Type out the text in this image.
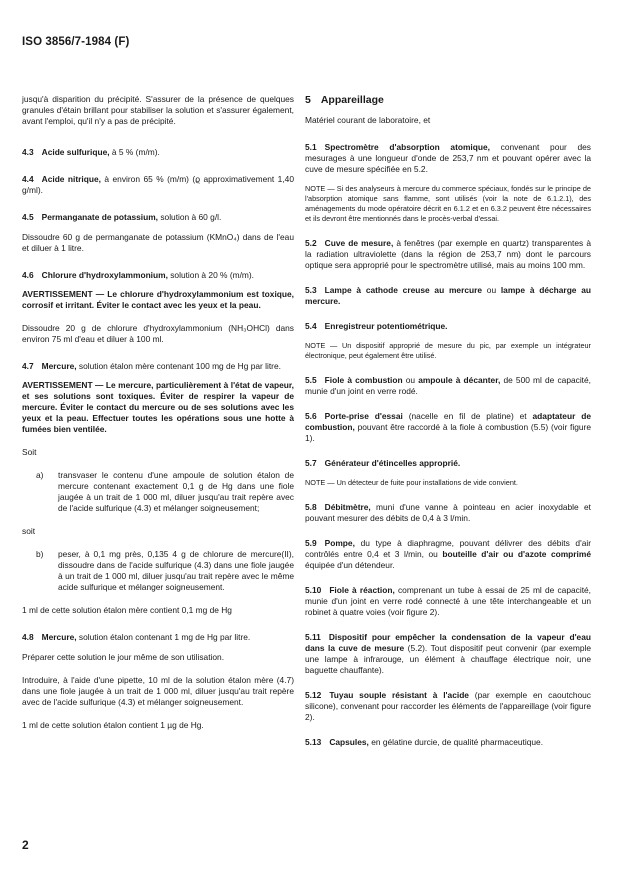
ISO 3856/7-1984 (F)

jusqu'à disparition du précipité. S'assurer de la présence de quelques granules d'étain brillant pour stabiliser la solution et s'assurer également, avant l'emploi, qu'il n'y a pas de précipité.

4.3 Acide sulfurique, à 5 % (m/m).

4.4 Acide nitrique, à environ 65 % (m/m) (ϱ approximativement 1,40 g/ml).

4.5 Permanganate de potassium, solution à 60 g/l.

Dissoudre 60 g de permanganate de potassium (KMnO₄) dans de l'eau et diluer à 1 litre.

4.6 Chlorure d'hydroxylammonium, solution à 20 % (m/m).

AVERTISSEMENT — Le chlorure d'hydroxylammonium est toxique, corrosif et irritant. Éviter le contact avec les yeux et la peau.

Dissoudre 20 g de chlorure d'hydroxylammonium (NH₃OHCl) dans environ 75 ml d'eau et diluer à 100 ml.

4.7 Mercure, solution étalon mère contenant 100 mg de Hg par litre.

AVERTISSEMENT — Le mercure, particulièrement à l'état de vapeur, et ses solutions sont toxiques. Éviter de respirer la vapeur de mercure. Éviter le contact du mercure ou de ses solutions avec les yeux et la peau. Effectuer toutes les opérations sous une hotte à fumées bien ventilée.

Soit

a)	transvaser le contenu d'une ampoule de solution étalon de mercure contenant exactement 0,1 g de Hg dans une fiole jaugée à un trait de 1 000 ml, diluer jusqu'au trait repère avec de l'acide sulfurique (4.3) et mélanger soigneusement;

soit

b)	peser, à 0,1 mg près, 0,135 4 g de chlorure de mercure(II), dissoudre dans de l'acide sulfurique (4.3) dans une fiole jaugée à un trait de 1 000 ml, diluer jusqu'au trait repère avec le même acide sulfurique et mélanger soigneusement.

1 ml de cette solution étalon mère contient 0,1 mg de Hg

4.8 Mercure, solution étalon contenant 1 mg de Hg par litre.

Préparer cette solution le jour même de son utilisation.

Introduire, à l'aide d'une pipette, 10 ml de la solution étalon mère (4.7) dans une fiole jaugée à un trait de 1 000 ml, diluer jusqu'au trait repère avec de l'acide sulfurique (4.3) et mélanger soigneusement.

1 ml de cette solution étalon contient 1 µg de Hg.

5 Appareillage

Matériel courant de laboratoire, et

5.1 Spectromètre d'absorption atomique, convenant pour des mesurages à une longueur d'onde de 253,7 nm et pouvant opérer avec la cuve de mesure spécifiée en 5.2.

NOTE — Si des analyseurs à mercure du commerce spéciaux, fondés sur le principe de l'absorption atomique sans flamme, sont utilisés (voir la note de 6.1.2.1), des aménagements du mode opératoire décrit en 6.1.2 et en 6.3.2 peuvent être nécessaires et ils devront être mentionnés dans le procès-verbal d'essai.

5.2 Cuve de mesure, à fenêtres (par exemple en quartz) transparentes à la radiation ultraviolette (dans la région de 253,7 nm) dont le parcours optique sera approprié pour le spectromètre utilisé, mais au moins 100 mm.

5.3 Lampe à cathode creuse au mercure ou lampe à décharge au mercure.

5.4 Enregistreur potentiométrique.

NOTE — Un dispositif approprié de mesure du pic, par exemple un intégrateur électronique, peut également être utilisé.

5.5 Fiole à combustion ou ampoule à décanter, de 500 ml de capacité, munie d'un joint en verre rodé.

5.6 Porte-prise d'essai (nacelle en fil de platine) et adaptateur de combustion, pouvant être raccordé à la fiole à combustion (5.5) (voir figure 1).

5.7 Générateur d'étincelles approprié.

NOTE — Un détecteur de fuite pour installations de vide convient.

5.8 Débitmètre, muni d'une vanne à pointeau en acier inoxydable et pouvant mesurer des débits de 0,4 à 3 l/min.

5.9 Pompe, du type à diaphragme, pouvant délivrer des débits d'air contrôlés entre 0,4 et 3 l/min, ou bouteille d'air ou d'azote comprimé équipée d'un détendeur.

5.10 Fiole à réaction, comprenant un tube à essai de 25 ml de capacité, munie d'un joint en verre rodé connecté à une tête interchangeable et un robinet à quatre voies (voir figure 2).

5.11 Dispositif pour empêcher la condensation de la vapeur d'eau dans la cuve de mesure (5.2). Tout dispositif peut convenir (par exemple une lampe à infrarouge, un élément à chauffage électrique noir, une baguette chauffante).

5.12 Tuyau souple résistant à l'acide (par exemple en caoutchouc silicone), convenant pour raccorder les éléments de l'appareillage (voir figure 2).

5.13 Capsules, en gélatine durcie, de qualité pharmaceutique.

2
